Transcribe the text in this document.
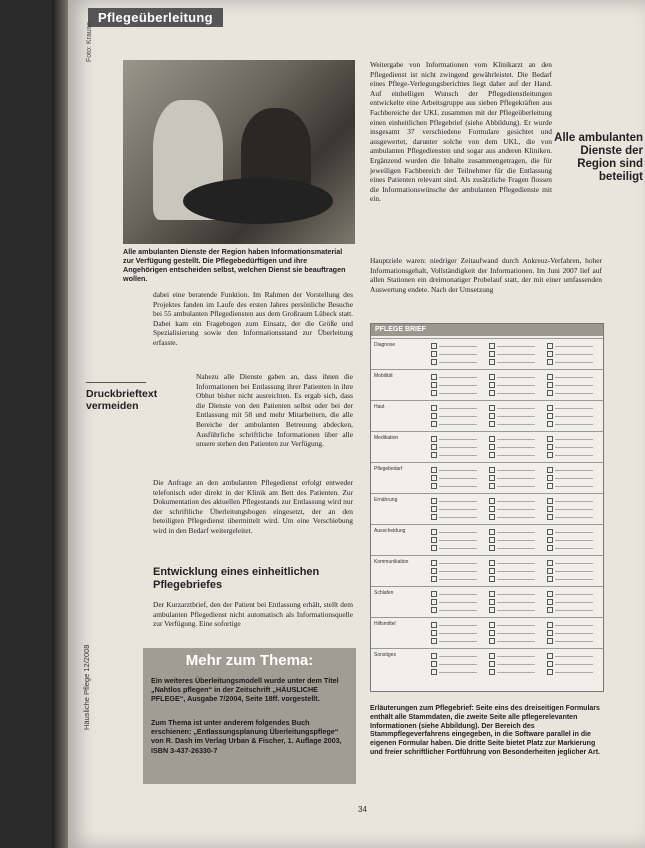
Pflegeüberleitung
Foto: Krause
Alle ambulanten Dienste der Region haben Informationsmaterial zur Verfügung gestellt. Die Pflegebedürftigen und ihre Angehörigen entscheiden selbst, welchen Dienst sie beauftragen wollen.
dabei eine beratende Funktion. Im Rahmen der Vorstellung des Projektes fanden im Laufe des ersten Jahres persönliche Besuche bei 55 ambulanten Pflegediensten aus dem Großraum Lübeck statt. Dabei kam ein Fragebogen zum Einsatz, der die Größe und Spezialisierung sowie den Informationsstand zur Überleitung erfasste.
Druckbrieftext
vermeiden
Nahezu alle Dienste gaben an, dass ihnen die Informationen bei Entlassung ihrer Patienten in ihre Obhut bisher nicht ausreichten. Es ergab sich, dass die Dienste von den Patienten selbst oder bei der Entlassung mit 58 und mehr Mitarbeitern, die alle Bereiche der ambulanten Betreuung abdecken, Ausführliche schriftliche Informationen über alle unsere stehen den Patienten zur Verfügung.
Die Anfrage an den ambulanten Pflegedienst erfolgt entweder telefonisch oder direkt in der Klinik am Bett des Patienten. Zur Dokumentation des aktuellen Pflegestands zur Entlassung wird nur der schriftliche Überleitungsbogen eingesetzt, der an den beteiligten Pflegedienst übermittelt wird. Um eine Verschiebung wird in den Bedarf weitergeleitet.
Entwicklung eines einheitlichen Pflegebriefes
Der Kurzarztbrief, den der Patient bei Entlassung erhält, stellt dem ambulanten Pflegedienst nicht automatisch als Informationsquelle zur Verfügung. Eine sofortige
Mehr zum Thema:
Ein weiteres Überleitungsmodell wurde unter dem Titel „Nahtlos pflegen“ in der Zeitschrift „HÄUSLICHE PFLEGE“, Ausgabe 7/2004, Seite 18ff. vorgestellt.
Zum Thema ist unter anderem folgendes Buch erschienen: „Entlassungsplanung Überleitungspflege“ von R. Dash im Verlag Urban & Fischer, 1. Auflage 2003, ISBN 3-437-26330-7
Häusliche Pflege 12/2008
Weitergabe von Informationen vom Klinikarzt an den Pflegedienst ist nicht zwingend gewährleistet. Die Bedarf eines Pflege-Verlegungsberichtes liegt daher auf der Hand. Auf einhelligen Wunsch der Pflegedienstleitungen entwickelte eine Arbeitsgruppe aus sieben Pflegekräften aus Fachbereiche der UKL zusammen mit der Pflegeüberleitung einen einheitlichen Pflegebrief (siehe Abbildung). Er wurde insgesamt 37 verschiedene Formulare gesichtet und ausgewertet, darunter solche von dem UKL, die von ambulanten Pflegediensten und sogar aus anderen Kliniken. Ergänzend wurden die Inhalte zusammengetragen, die für jeweiligen Fachbereich der Teilnehmer für die Entlassung eines Patienten relevant sind. Als zusätzliche Fragen flossen die Informationswünsche der ambulanten Pflegedienste mit ein.
Alle ambulanten Dienste der Region sind beteiligt
Hauptziele waren: niedriger Zeitaufwand durch Ankreuz-Verfahren, hoher Informationsgehalt, Vollständigkeit der Informationen. Im Juni 2007 lief auf allen Stationen ein dreimonatiger Probelauf statt, der mit einer umfassenden Auswertung endete. Nach der Umsetzung
PFLEGE BRIEF
Diagnose
Mobilität
Haut
Medikation
Pflegebedarf
Ernährung
Ausscheidung
Kommunikation
Schlafen
Hilfsmittel
Sonstiges
Erläuterungen zum Pflegebrief: Seite eins des dreiseitigen Formulars enthält alle Stammdaten, die zweite Seite alle pflegerelevanten Informationen (siehe Abbildung). Der Bereich des Stammpflegeverfahrens eingegeben, in die Software parallel in die eigenen Formular haben. Die dritte Seite bietet Platz zur Markierung und freier schriftlicher Fortführung von Besonderheiten jeglicher Art.
34
